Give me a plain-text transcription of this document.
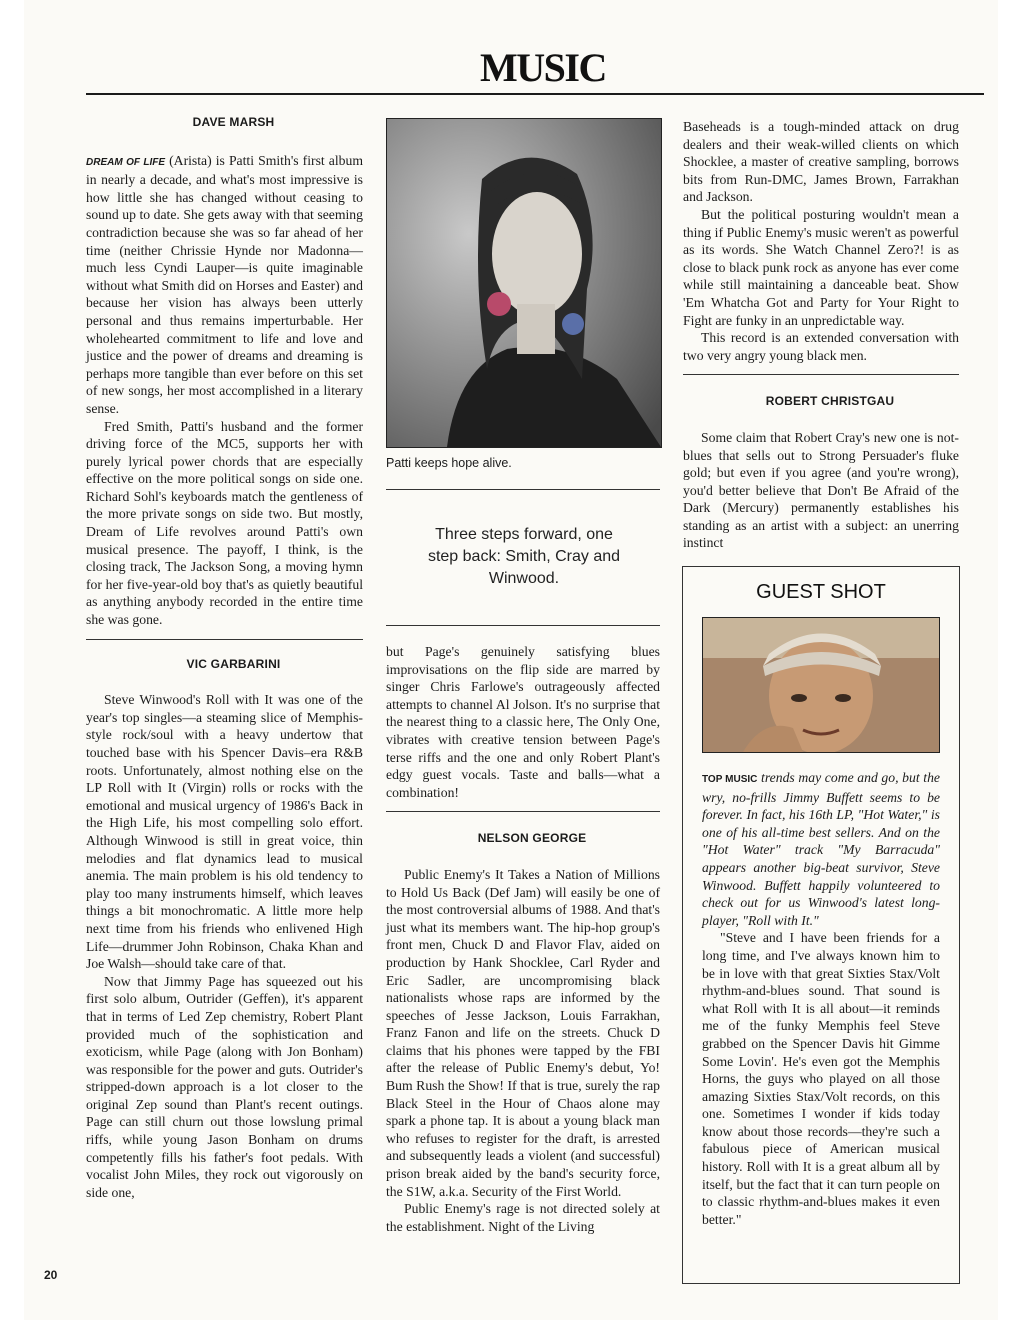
MUSIC

DAVE MARSH

DREAM OF LIFE (Arista) is Patti Smith's first album in nearly a decade, and what's most impressive is how little she has changed without ceasing to sound up to date. She gets away with that seeming contradiction because she was so far ahead of her time (neither Chrissie Hynde nor Madonna—much less Cyndi Lauper—is quite imaginable without what Smith did on Horses and Easter) and because her vision has always been utterly personal and thus remains imperturbable. Her wholehearted commitment to life and love and justice and the power of dreams and dreaming is perhaps more tangible than ever before on this set of new songs, her most accomplished in a literary sense.

Fred Smith, Patti's husband and the former driving force of the MC5, supports her with purely lyrical power chords that are especially effective on the more political songs on side one. Richard Sohl's keyboards match the gentleness of the more private songs on side two. But mostly, Dream of Life revolves around Patti's own musical presence. The payoff, I think, is the closing track, The Jackson Song, a moving hymn for her five-year-old boy that's as quietly beautiful as anything anybody recorded in the entire time she was gone.

VIC GARBARINI

Steve Winwood's Roll with It was one of the year's top singles—a steaming slice of Memphis-style rock/soul with a heavy undertow that touched base with his Spencer Davis–era R&B roots. Unfortunately, almost nothing else on the LP Roll with It (Virgin) rolls or rocks with the emotional and musical urgency of 1986's Back in the High Life, his most compelling solo effort. Although Winwood is still in great voice, thin melodies and flat dynamics lead to musical anemia. The main problem is his old tendency to play too many instruments himself, which leaves things a bit monochromatic. A little more help next time from his friends who enlivened High Life—drummer John Robinson, Chaka Khan and Joe Walsh—should take care of that.

Now that Jimmy Page has squeezed out his first solo album, Outrider (Geffen), it's apparent that in terms of Led Zep chemistry, Robert Plant provided much of the sophistication and exoticism, while Page (along with Jon Bonham) was responsible for the power and guts. Outrider's stripped-down approach is a lot closer to the original Zep sound than Plant's recent outings. Page can still churn out those lowslung primal riffs, while young Jason Bonham on drums competently fills his father's foot pedals. With vocalist John Miles, they rock out vigorously on side one,

Patti keeps hope alive.
Three steps forward, one step back: Smith, Cray and Winwood.

but Page's genuinely satisfying blues improvisations on the flip side are marred by singer Chris Farlowe's outrageously affected attempts to channel Al Jolson. It's no surprise that the nearest thing to a classic here, The Only One, vibrates with creative tension between Page's terse riffs and the one and only Robert Plant's edgy guest vocals. Taste and balls—what a combination!

NELSON GEORGE

Public Enemy's It Takes a Nation of Millions to Hold Us Back (Def Jam) will easily be one of the most controversial albums of 1988. And that's just what its members want. The hip-hop group's front men, Chuck D and Flavor Flav, aided on production by Hank Shocklee, Carl Ryder and Eric Sadler, are uncompromising black nationalists whose raps are informed by the speeches of Jesse Jackson, Louis Farrakhan, Franz Fanon and life on the streets. Chuck D claims that his phones were tapped by the FBI after the release of Public Enemy's debut, Yo! Bum Rush the Show! If that is true, surely the rap Black Steel in the Hour of Chaos alone may spark a phone tap. It is about a young black man who refuses to register for the draft, is arrested and subsequently leads a violent (and successful) prison break aided by the band's security force, the S1W, a.k.a. Security of the First World.

Public Enemy's rage is not directed solely at the establishment. Night of the Living

Baseheads is a tough-minded attack on drug dealers and their weak-willed clients on which Shocklee, a master of creative sampling, borrows bits from Run-DMC, James Brown, Farrakhan and Jackson.

But the political posturing wouldn't mean a thing if Public Enemy's music weren't as powerful as its words. She Watch Channel Zero?! is as close to black punk rock as anyone has ever come while still maintaining a danceable beat. Show 'Em Whatcha Got and Party for Your Right to Fight are funky in an unpredictable way.

This record is an extended conversation with two very angry young black men.

ROBERT CHRISTGAU

Some claim that Robert Cray's new one is not-blues that sells out to Strong Persuader's fluke gold; but even if you agree (and you're wrong), you'd better believe that Don't Be Afraid of the Dark (Mercury) permanently establishes his standing as an artist with a subject: an unerring instinct

GUEST SHOT

TOP MUSIC trends may come and go, but the wry, no-frills Jimmy Buffett seems to be forever. In fact, his 16th LP, "Hot Water," is one of his all-time best sellers. And on the "Hot Water" track "My Barracuda" appears another big-beat survivor, Steve Winwood. Buffett happily volunteered to check out for us Winwood's latest long-player, "Roll with It."

"Steve and I have been friends for a long time, and I've always known him to be in love with that great Sixties Stax/Volt rhythm-and-blues sound. That sound is what Roll with It is all about—it reminds me of the funky Memphis feel Steve grabbed on the Spencer Davis hit Gimme Some Lovin'. He's even got the Memphis Horns, the guys who played on all those amazing Sixties Stax/Volt records, on this one. Sometimes I wonder if kids today know about those records—they're such a fabulous piece of American musical history. Roll with It is a great album all by itself, but the fact that it can turn people on to classic rhythm-and-blues makes it even better."

20
